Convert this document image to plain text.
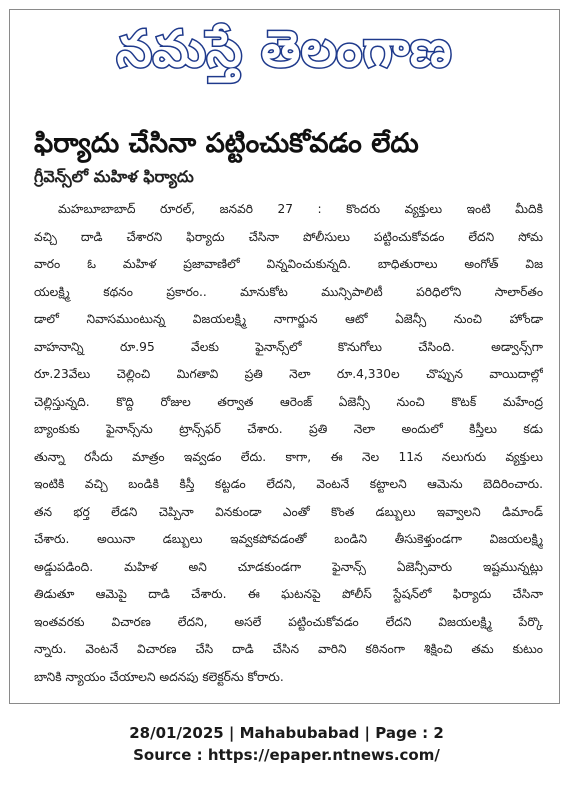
నమస్తే తెలంగాణ
ఫిర్యాదు చేసినా పట్టించుకోవడం లేదు
గ్రీవెన్స్‌లో మహిళ ఫిర్యాదు
మహబూబాబాద్ రూరల్, జనవరి 27 : కొందరు వ్యక్తులు ఇంటి మీదికి
వచ్చి దాడి చేశారని ఫిర్యాదు చేసినా పోలీసులు పట్టించుకోవడం లేదని సోమ
వారం ఓ మహిళ ప్రజావాణిలో విన్నవించుకున్నది. బాధితురాలు అంగోత్ విజ
యలక్ష్మి కథనం ప్రకారం.. మానుకోట మున్సిపాలిటీ పరిధిలోని సాలార్‌తం
డాలో నివాసముంటున్న విజయలక్ష్మి నాగార్జున ఆటో ఏజెన్సీ నుంచి హోండా
వాహనాన్ని రూ.95 వేలకు ఫైనాన్స్‌లో కొనుగోలు చేసింది. అడ్వాన్స్‌గా
రూ.23వేలు చెల్లించి మిగతావి ప్రతి నెలా రూ.4,330ల చొప్పున వాయిదాల్లో
చెల్లిస్తున్నది. కొద్ది రోజుల తర్వాత ఆరెంజ్ ఏజెన్సీ నుంచి కొటక్ మహేంద్ర
బ్యాంకుకు ఫైనాన్స్‌ను ట్రాన్స్‌ఫర్ చేశారు. ప్రతి నెలా అందులో కిస్తీలు కడు
తున్నా రసీదు మాత్రం ఇవ్వడం లేదు. కాగా, ఈ నెల 11న నలుగురు వ్యక్తులు
ఇంటికి వచ్చి బండికి కిస్తీ కట్టడం లేదని, వెంటనే కట్టాలని ఆమెను బెదిరించారు.
తన భర్త లేడని చెప్పినా వినకుండా ఎంతో కొంత డబ్బులు ఇవ్వాలని డిమాండ్
చేశారు. అయినా డబ్బులు ఇవ్వకపోవడంతో బండిని తీసుకెళ్తుండగా విజయలక్ష్మి
అడ్డుపడింది. మహిళ అని చూడకుండగా ఫైనాన్స్ ఏజెన్సీవారు ఇష్టమున్నట్లు
తిడుతూ ఆమెపై దాడి చేశారు. ఈ ఘటనపై పోలీస్ స్టేషన్‌లో ఫిర్యాదు చేసినా
ఇంతవరకు విచారణ లేదని, అసలే పట్టించుకోవడం లేదని విజయలక్ష్మి పేర్కొ
న్నారు. వెంటనే విచారణ చేసి దాడి చేసిన వారిని కఠినంగా శిక్షించి తమ కుటుం
బానికి న్యాయం చేయాలని అదనపు కలెక్టర్‌ను కోరారు.
28/01/2025 | Mahabubabad | Page : 2
Source : https://epaper.ntnews.com/
